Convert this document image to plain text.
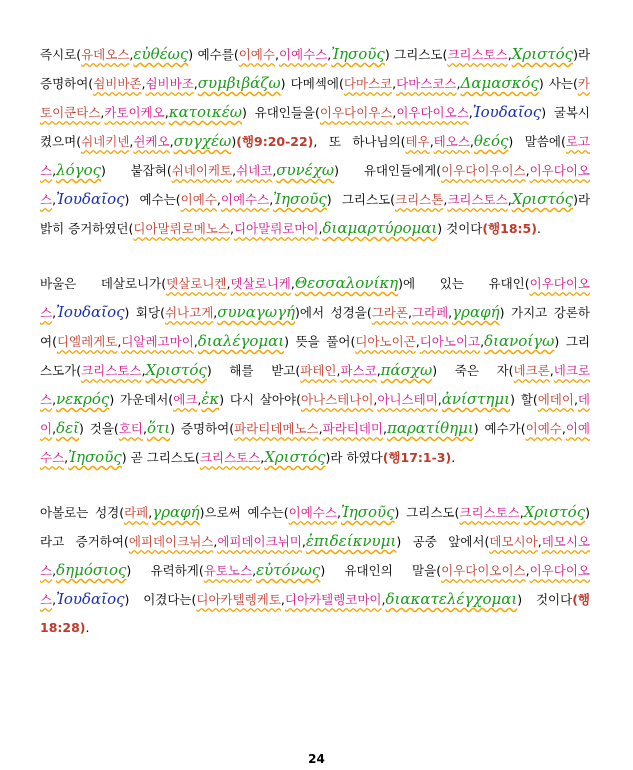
즉시로(유데오스,εὐθέως) 예수를(이예수,이예수스,Ἰησοῦς) 그리스도(크리스토스,Χριστός)라 증명하여(쉼비바존,쉼비바조,συμβιβάζω) 다메섹에(다마스코,다마스코스,Δαμασκός) 사는(카토이쿤타스,카토이케오,κατοικέω) 유대인들을(이우다이우스,이우다이오스,Ἰουδαῖος) 굴복시켰으며(쉬네키넨,쉰케오,συγχέω)(행9:20-22), 또 하나님의(테우,테오스,θεός) 말씀에(로고스,λόγος) 붙잡혀(쉬네이케토,쉬네코,συνέχω) 유대인들에게(이우다이우이스,이우다이오스,Ἰουδαῖος) 예수는(이예수,이예수스,Ἰησοῦς) 그리스도(크리스톤,크리스토스,Χριστός)라 밝히 증거하였던(디아말뤼로메노스,디아말뤼로마이,διαμαρτύρομαι) 것이다(행18:5).

바울은 데살로니가(뎃살로니켄,뎃살로니케,Θεσσαλονίκη)에 있는 유대인(이우다이오스,Ἰουδαῖος) 회당(쉬나고게,συναγωγή)에서 성경을(그라폰,그라페,γραφή) 가지고 강론하여(디엘레게토,디알레고마이,διαλέγομαι) 뜻을 풀어(디아노이곤,디아노이고,διανοίγω) 그리스도가(크리스토스,Χριστός) 해를 받고(파테인,파스코,πάσχω) 죽은 자(네크론,네크로스,νεκρός) 가운데서(에크,ἐκ) 다시 살아야(아나스테나이,아니스테미,ἀνίστημι) 할(에데이,데이,δεῖ) 것을(호티,ὅτι) 증명하여(파라티데메노스,파라티데미,παρατίθημι) 예수가(이예수,이예수스,Ἰησοῦς) 곧 그리스도(크리스토스,Χριστός)라 하였다(행17:1-3).

아볼로는 성경(라페,γραφή)으로써 예수는(이예수스,Ἰησοῦς) 그리스도(크리스토스,Χριστός)라고 증거하여(에피데이크뉘스,에피데이크뉘미,ἐπιδείκνυμι) 공중 앞에서(데모시아,데모시오스,δημόσιος) 유력하게(유토노스,εὐτόνως) 유대인의 말을(이우다이오이스,이우다이오스,Ἰουδαῖος) 이겼다는(디아카텔렝케토,디아카텔렝코마이,διακατελέγχομαι) 것이다(행18:28).

24
